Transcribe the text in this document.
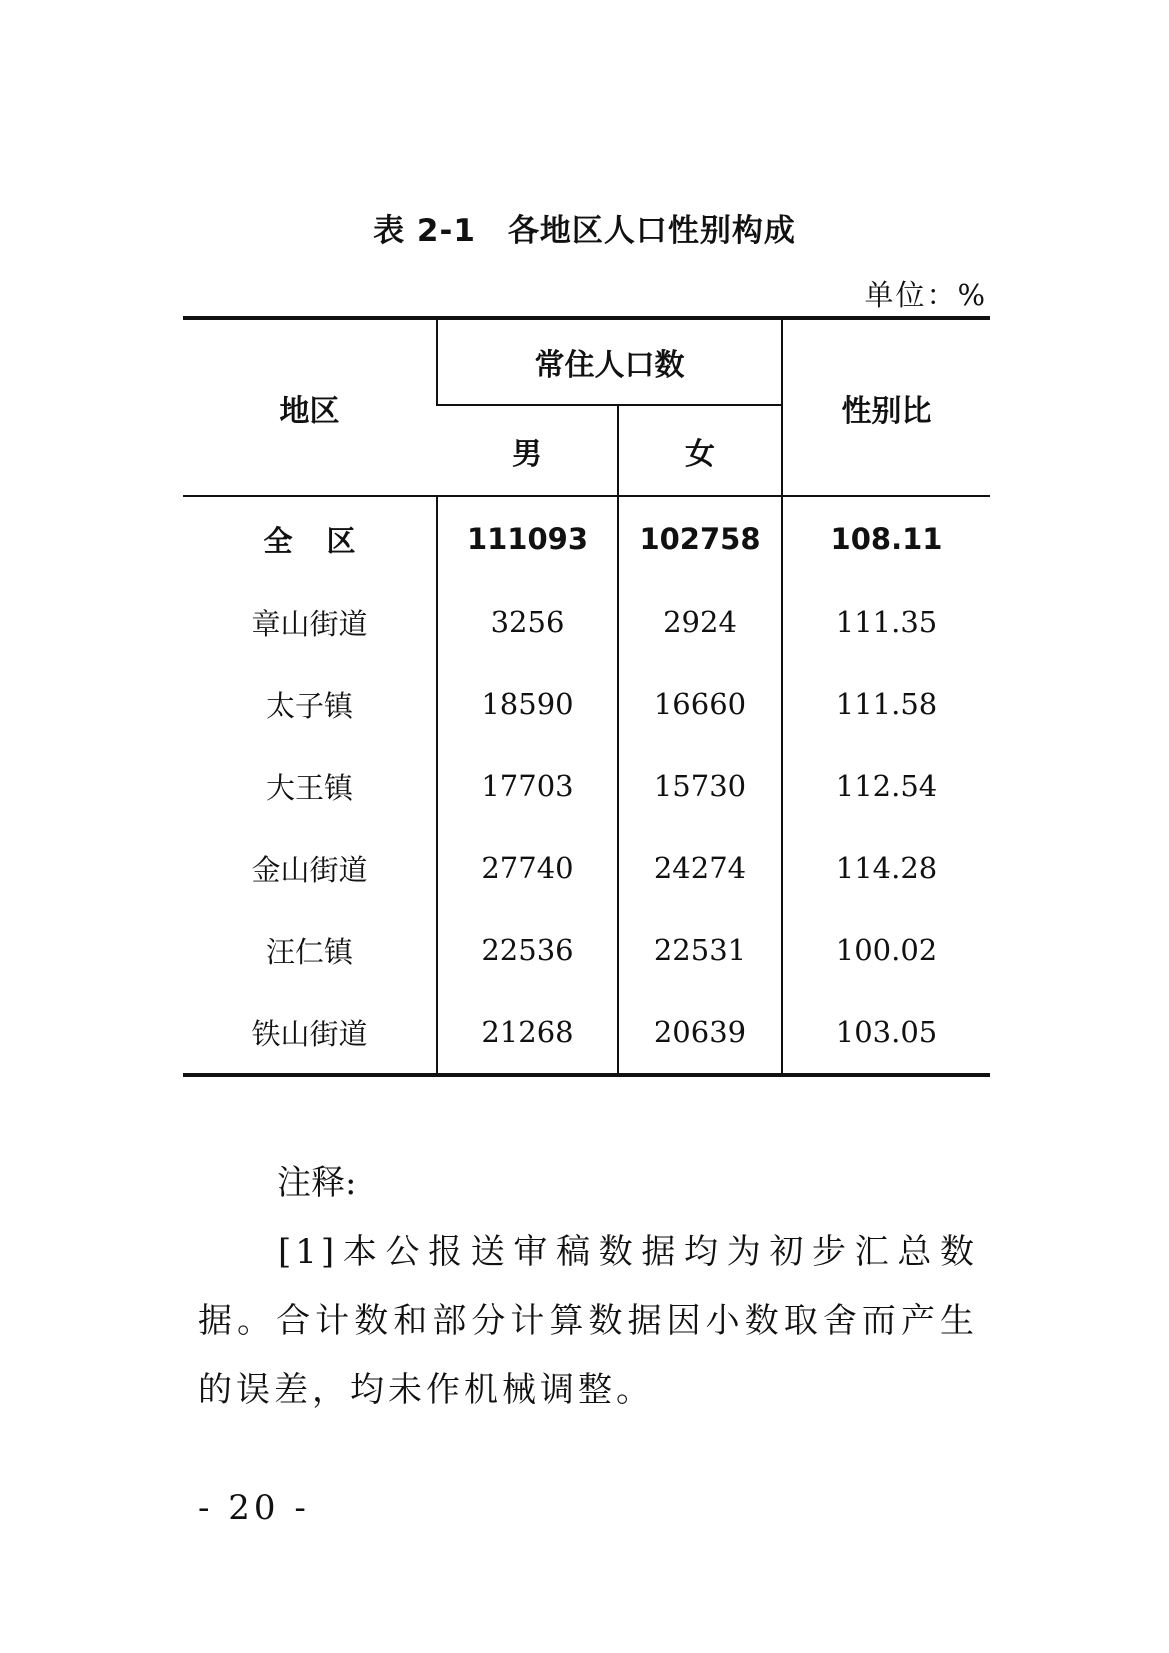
表 2-1　各地区人口性别构成
单位：%
地区	常住人口数		性别比
	男	女	
全区	111093	102758	108.11
章山街道	3256	2924	111.35
太子镇	18590	16660	111.58
大王镇	17703	15730	112.54
金山街道	27740	24274	114.28
汪仁镇	22536	22531	100.02
铁山街道	21268	20639	103.05
注释:
[1]本公报送审稿数据均为初步汇总数据。合计数和部分计算数据因小数取舍而产生的误差，均未作机械调整。
- 20 -
